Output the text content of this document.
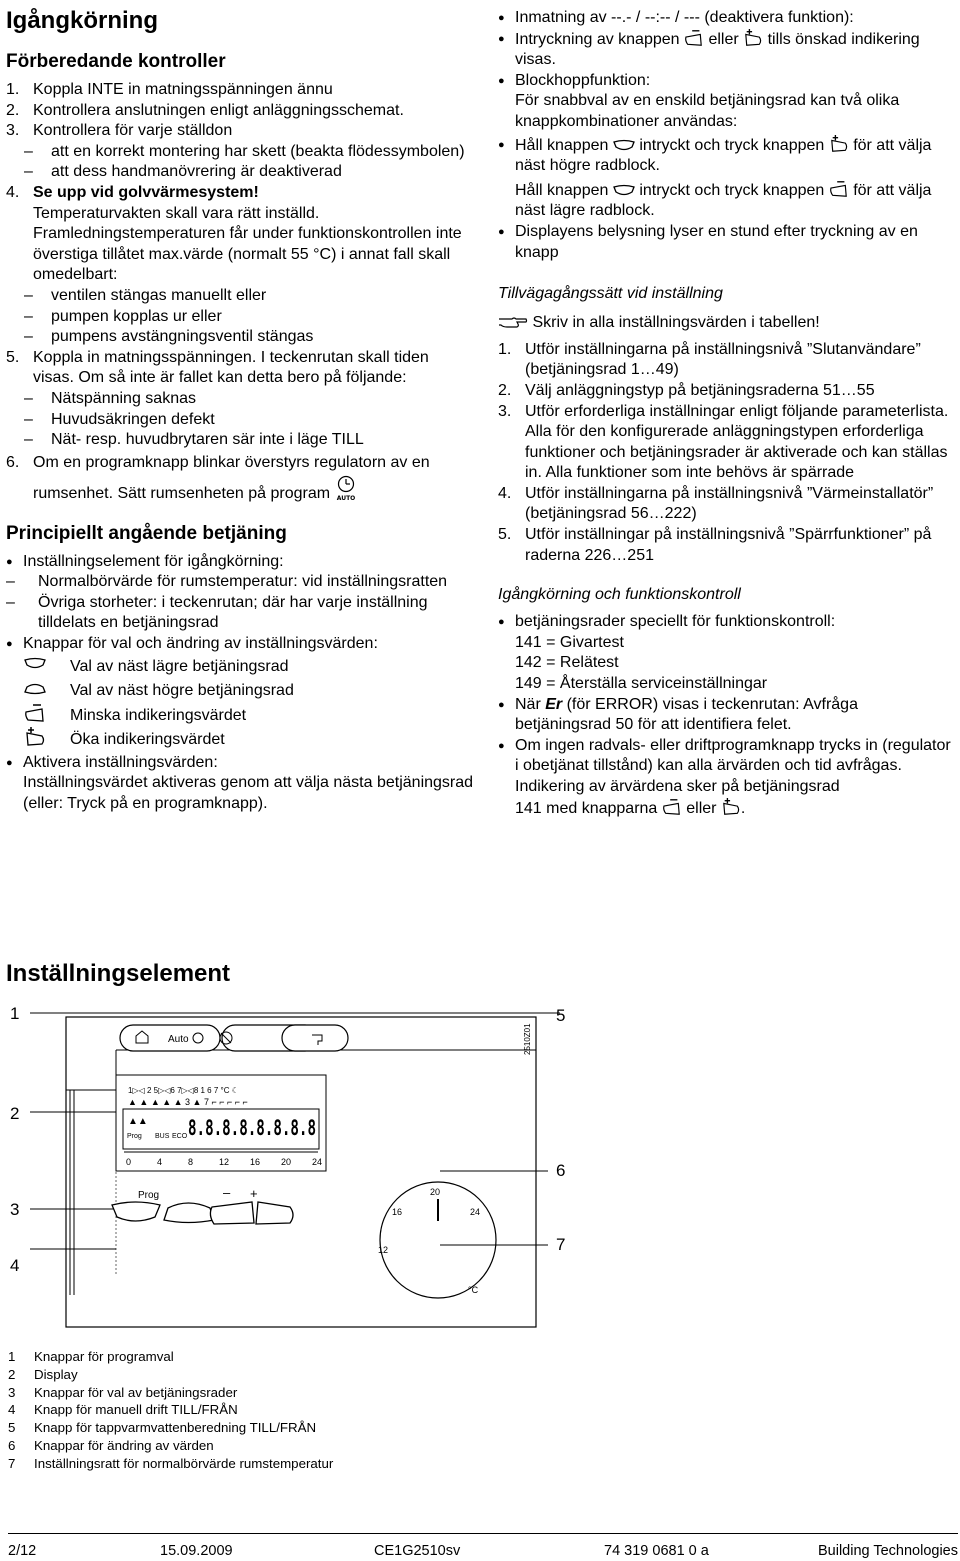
Igångkörning
Förberedande kontroller
1. Koppla INTE in matningsspänningen ännu
2. Kontrollera anslutningen enligt anläggningsschemat.
3. Kontrollera för varje ställdon
–	att en korrekt montering har skett (beakta flödessymbolen)
–	att dess handmanövrering är deaktiverad
4. Se upp vid golvvärmesystem!
Temperaturvakten skall vara rätt inställd. Framledningstemperaturen får under funktionskontrollen inte överstiga tillåtet max.värde (normalt 55 °C) i annat fall skall omedelbart:
–	ventilen stängas manuellt eller
–	pumpen kopplas ur eller
–	pumpens avstängningsventil stängas
5. Koppla in matningsspänningen. I teckenrutan skall tiden visas. Om så inte är fallet kan detta bero på följande:
–	Nätspänning saknas
–	Huvudsäkringen defekt
–	Nät- resp. huvudbrytaren sär inte i läge TILL
6. Om en programknapp blinkar överstyrs regulatorn av en rumsenhet. Sätt rumsenheten på program AUTO
Principiellt angående betjäning
● Inställningselement för igångkörning:
–	Normalbörvärde för rumstemperatur: vid inställningsratten
–	Övriga storheter: i teckenrutan; där har varje inställning tilldelats en betjäningsrad
● Knappar för val och ändring av inställningsvärden:
Val av näst lägre betjäningsrad
Val av näst högre betjäningsrad
Minska indikeringsvärdet
Öka indikeringsvärdet
● Aktivera inställningsvärden:
Inställningsvärdet aktiveras genom att välja nästa betjäningsrad (eller: Tryck på en programknapp).
● Inmatning av --.- / --:-- / --- (deaktivera funktion):
● Intryckning av knappen eller tills önskad indikering visas.
● Blockhoppfunktion:
För snabbval av en enskild betjäningsrad kan två olika knappkombinationer användas:
● Håll knappen intryckt och tryck knappen för att välja näst högre radblock.
Håll knappen intryckt och tryck knappen för att välja näst lägre radblock.
● Displayens belysning lyser en stund efter tryckning av en knapp
Tillvägagångssätt vid inställning
Skriv in alla inställningsvärden i tabellen!
1. Utför inställningarna på inställningsnivå ”Slutanvändare” (betjäningsrad 1…49)
2. Välj anläggningstyp på betjäningsraderna 51…55
3. Utför erforderliga inställningar enligt följande parameterlista. Alla för den konfigurerade anläggningstypen erforderliga funktioner och betjäningsrader är aktiverade och kan ställas in. Alla funktioner som inte behövs är spärrade
4. Utför inställningarna på inställningsnivå ”Värmeinstallatör” (betjäningsrad 56…222)
5. Utför inställningar på inställningsnivå ”Spärrfunktioner” på raderna 226…251
Igångkörning och funktionskontroll
● betjäningsrader speciellt för funktionskontroll:
141 = Givartest
142 = Relätest
149 = Återställa serviceinställningar
● När Er (för ERROR) visas i teckenrutan: Avfråga betjäningsrad 50 för att identifiera felet.
● Om ingen radvals- eller driftprogramknapp trycks in (regulator i obetjänat tillstånd) kan alla ärvärden och tid avfrågas. Indikering av ärvärdena sker på betjäningsrad
141 med knapparna eller .
Inställningselement
1
2
3
4
5
6
7
2510Z01
Auto
1▷◁ 2 5▷◁6 7▷◁8 1 6 7 °C ☾
▲ ▲ ▲ ▲ ▲ 3 ▲ 7 ⌐ ⌐ ⌐ ⌐ ⌐
8.8.8.8.8.8.8.8
▲▲
Prog BUS ECO
0	4	8	12 16 20 24
Prog	– +	20
16	24
12
°C
1	Knappar för programval
2	Display
3	Knappar för val av betjäningsrader
4	Knapp för manuell drift TILL/FRÅN
5	Knapp för tappvarmvattenberedning TILL/FRÅN
6	Knappar för ändring av värden
7	Inställningsratt för normalbörvärde rumstemperatur
2/12	15.09.2009	CE1G2510sv	74 319 0681 0 a	Building Technologies
